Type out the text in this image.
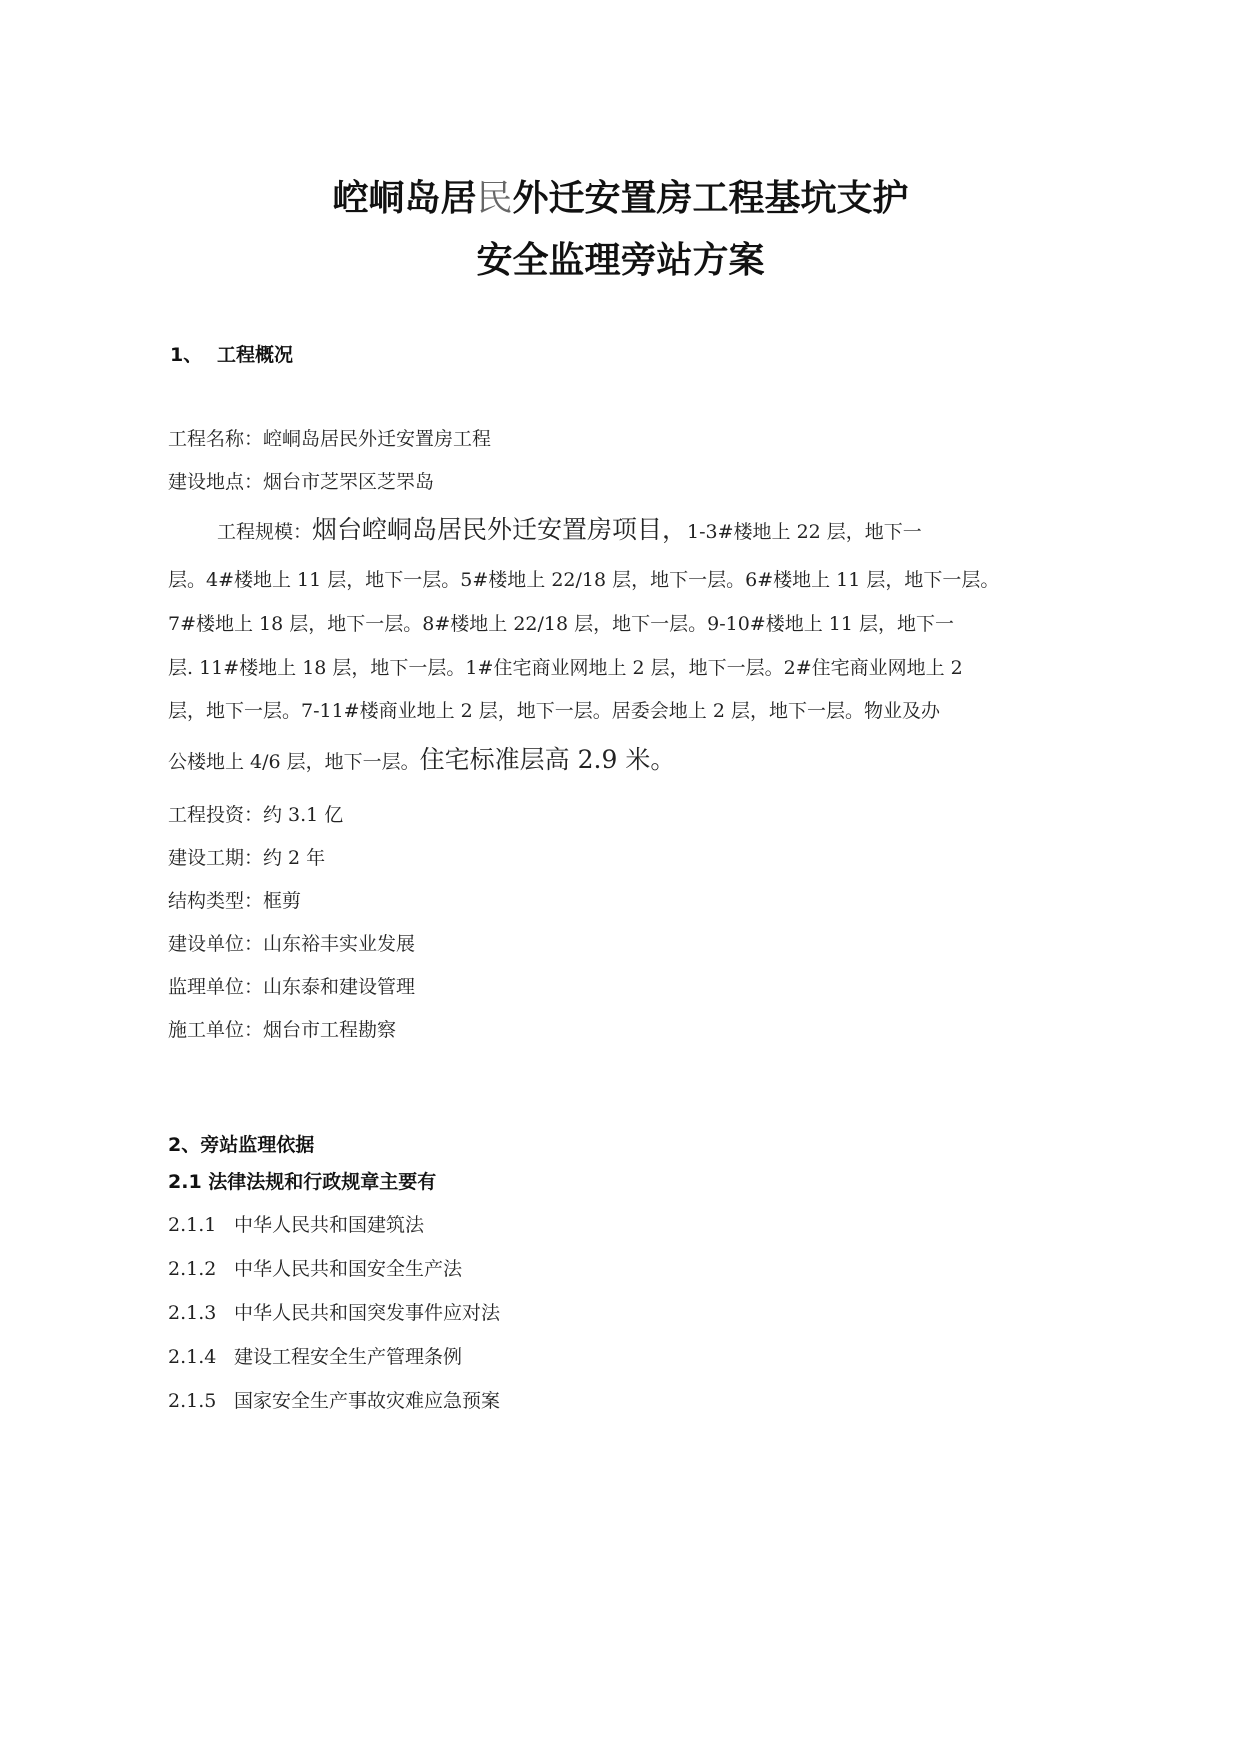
崆峒岛居民外迁安置房工程基坑支护
安全监理旁站方案
1、 工程概况
工程名称：崆峒岛居民外迁安置房工程
建设地点：烟台市芝罘区芝罘岛
工程规模：烟台崆峒岛居民外迁安置房项目，1-3#楼地上 22 层，地下一
层。4#楼地上 11 层，地下一层。5#楼地上 22/18 层，地下一层。6#楼地上 11 层，地下一层。
7#楼地上 18 层，地下一层。8#楼地上 22/18 层，地下一层。9-10#楼地上 11 层，地下一
层. 11#楼地上 18 层，地下一层。1#住宅商业网地上 2 层，地下一层。2#住宅商业网地上 2
层，地下一层。7-11#楼商业地上 2 层，地下一层。居委会地上 2 层，地下一层。物业及办
公楼地上 4/6 层，地下一层。住宅标准层高 2.9 米。
工程投资：约 3.1 亿
建设工期：约 2 年
结构类型：框剪
建设单位：山东裕丰实业发展
监理单位：山东泰和建设管理
施工单位：烟台市工程勘察
2、旁站监理依据
2.1 法律法规和行政规章主要有
2.1.1 中华人民共和国建筑法
2.1.2 中华人民共和国安全生产法
2.1.3 中华人民共和国突发事件应对法
2.1.4 建设工程安全生产管理条例
2.1.5 国家安全生产事故灾难应急预案
